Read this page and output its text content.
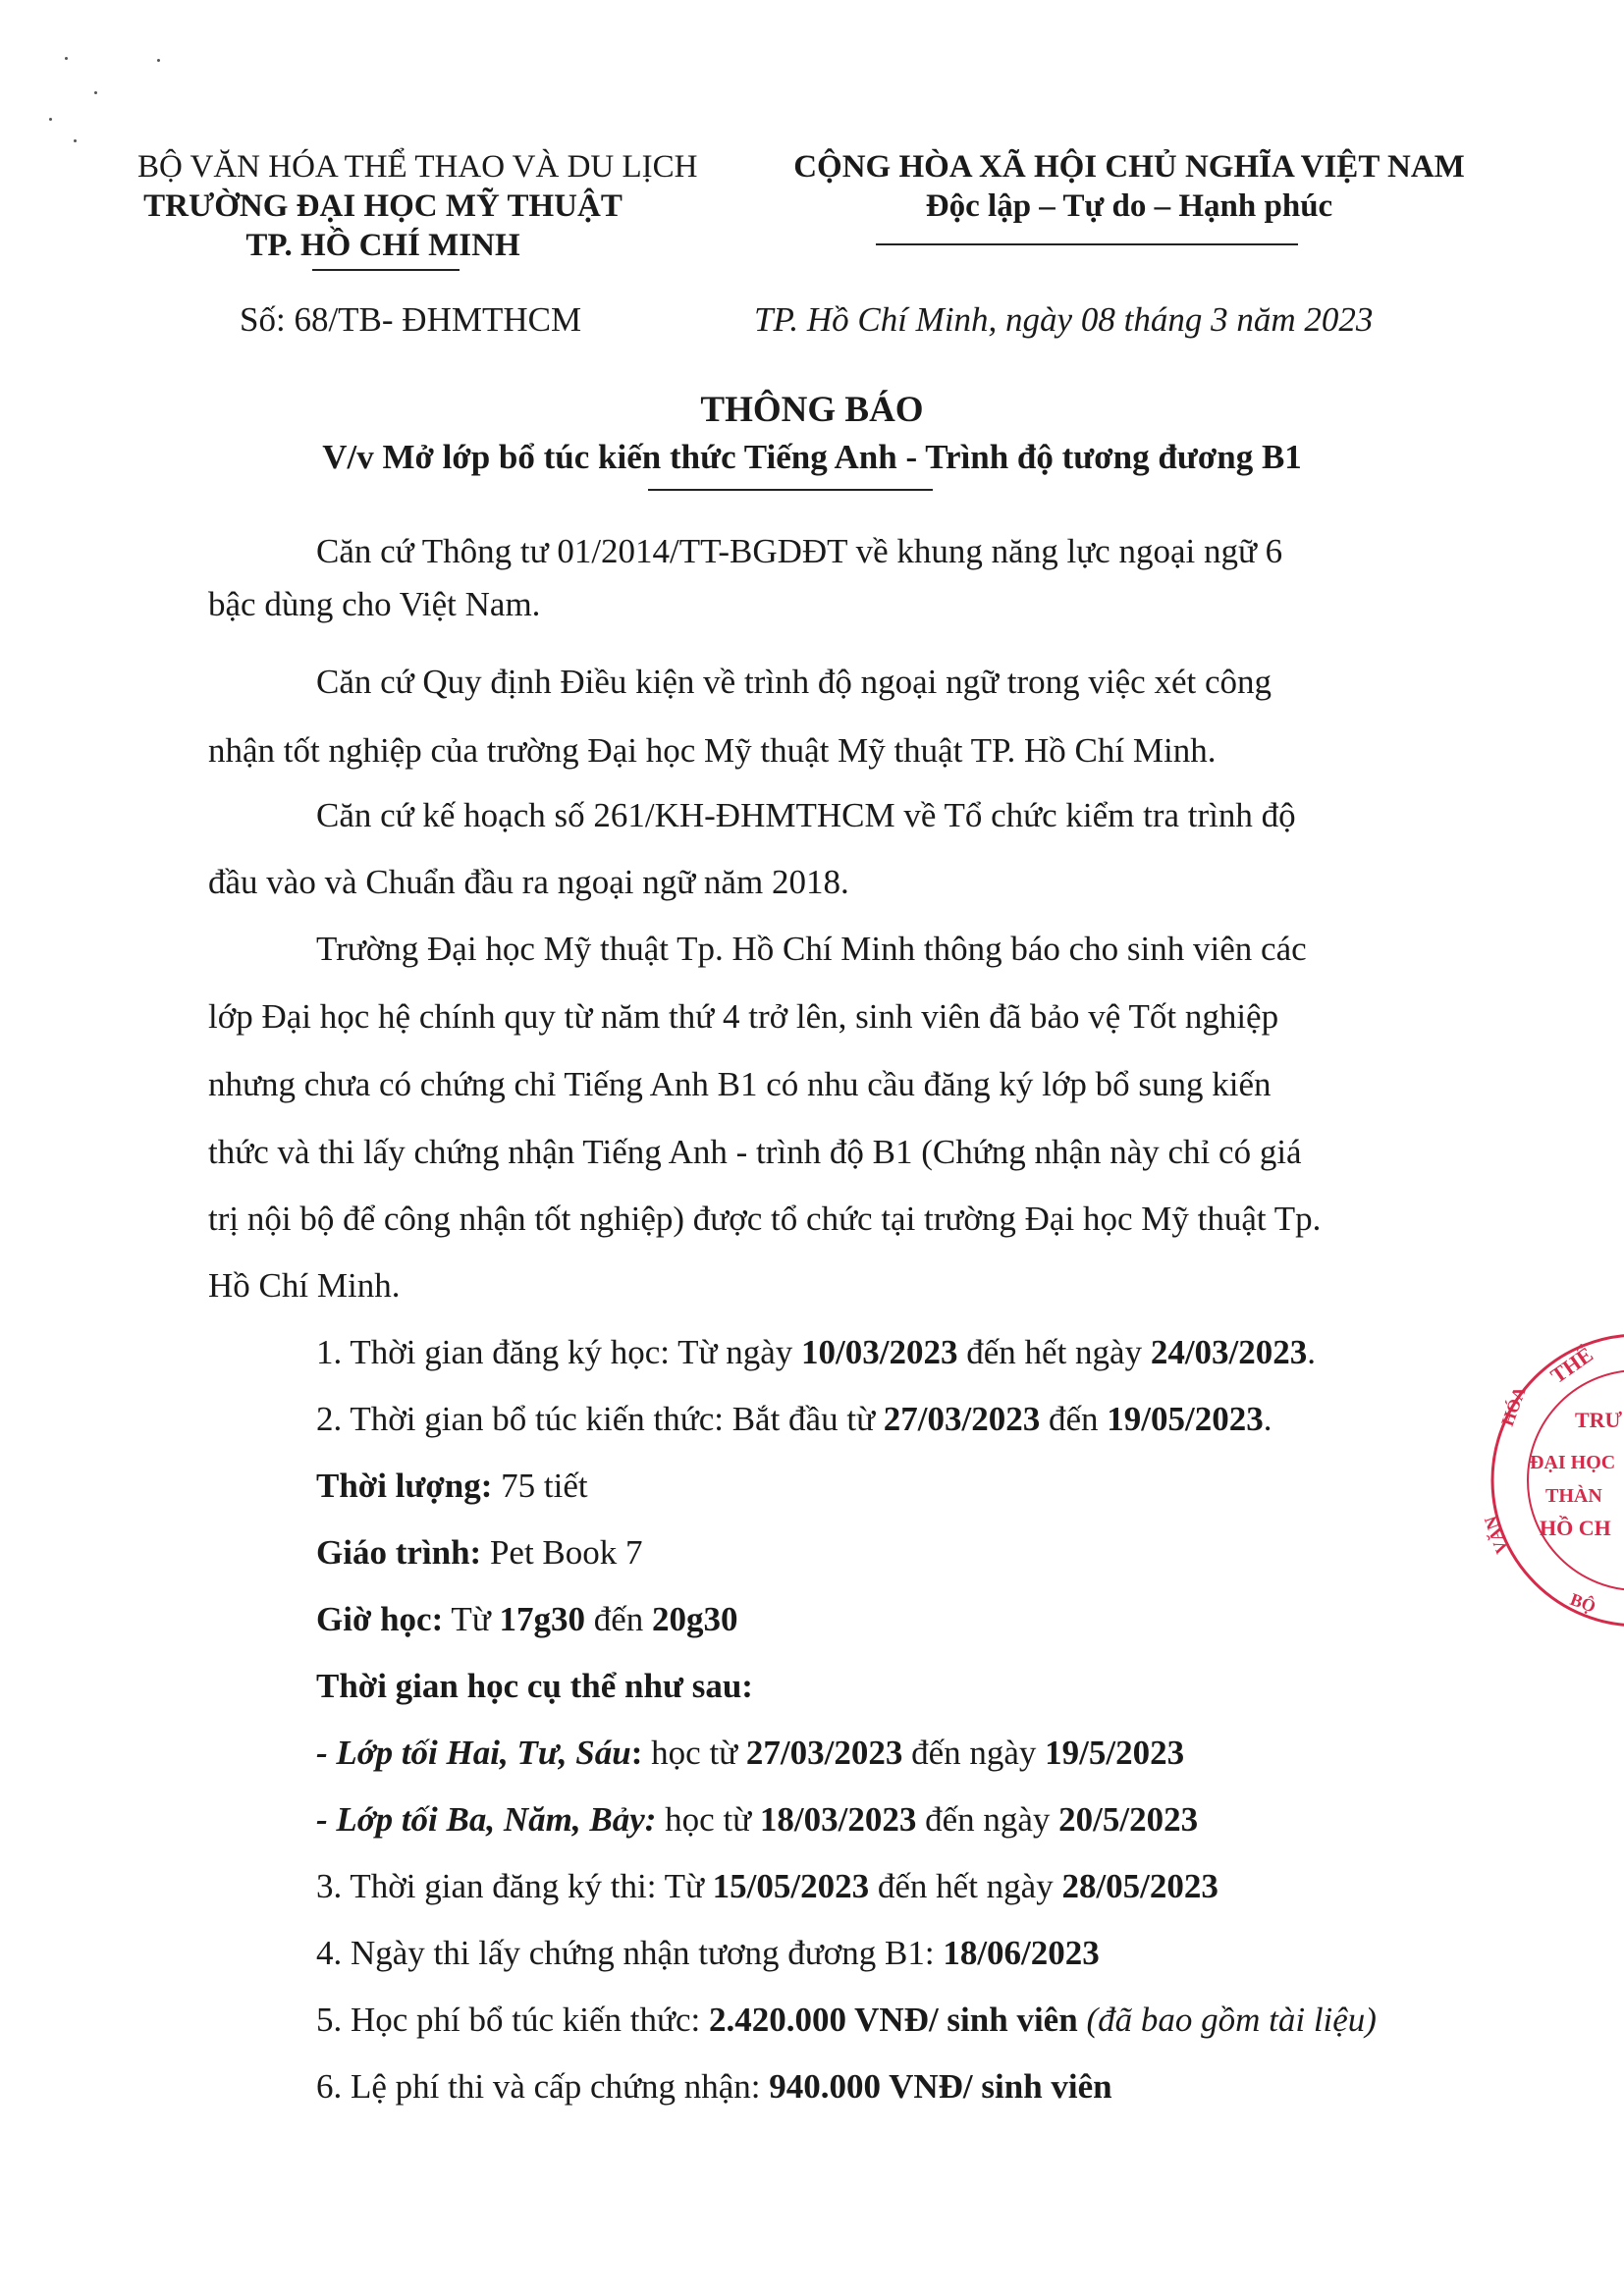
BỘ VĂN HÓA THỂ THAO VÀ DU LỊCH
TRƯỜNG ĐẠI HỌC MỸ THUẬT
TP. HỒ CHÍ MINH
CỘNG HÒA XÃ HỘI CHỦ NGHĨA VIỆT NAM
Độc lập – Tự do – Hạnh phúc
Số: 68/TB- ĐHMTHCM	TP. Hồ Chí Minh, ngày 08 tháng 3 năm 2023
THÔNG BÁO
V/v Mở lớp bổ túc kiến thức Tiếng Anh - Trình độ tương đương B1
Căn cứ Thông tư 01/2014/TT-BGDĐT về khung năng lực ngoại ngữ 6
bậc dùng cho Việt Nam.
Căn cứ Quy định Điều kiện về trình độ ngoại ngữ trong việc xét công
nhận tốt nghiệp của trường Đại học Mỹ thuật Mỹ thuật TP. Hồ Chí Minh.
Căn cứ kế hoạch số 261/KH-ĐHMTHCM về Tổ chức kiểm tra trình độ
đầu vào và Chuẩn đầu ra ngoại ngữ năm 2018.
Trường Đại học Mỹ thuật Tp. Hồ Chí Minh thông báo cho sinh viên các
lớp Đại học hệ chính quy từ năm thứ 4 trở lên, sinh viên đã bảo vệ Tốt nghiệp
nhưng chưa có chứng chỉ Tiếng Anh B1 có nhu cầu đăng ký lớp bổ sung kiến
thức và thi lấy chứng nhận Tiếng Anh - trình độ B1 (Chứng nhận này chỉ có giá
trị nội bộ để công nhận tốt nghiệp) được tổ chức tại trường Đại học Mỹ thuật Tp.
Hồ Chí Minh.
1. Thời gian đăng ký học: Từ ngày 10/03/2023 đến hết ngày 24/03/2023.
2. Thời gian bổ túc kiến thức: Bắt đầu từ 27/03/2023 đến 19/05/2023.
Thời lượng: 75 tiết
Giáo trình: Pet Book 7
Giờ học: Từ 17g30 đến 20g30
Thời gian học cụ thể như sau:
- Lớp tối Hai, Tư, Sáu: học từ 27/03/2023 đến ngày 19/5/2023
- Lớp tối Ba, Năm, Bảy: học từ 18/03/2023 đến ngày 20/5/2023
3. Thời gian đăng ký thi: Từ 15/05/2023 đến hết ngày 28/05/2023
4. Ngày thi lấy chứng nhận tương đương B1: 18/06/2023
5. Học phí bổ túc kiến thức: 2.420.000 VNĐ/ sinh viên (đã bao gồm tài liệu)
6. Lệ phí thi và cấp chứng nhận: 940.000 VNĐ/ sinh viên
THỂ
TRƯ
ĐẠI HỌC
THÀN
HỒ CH
HÓA
VĂN
BỘ
